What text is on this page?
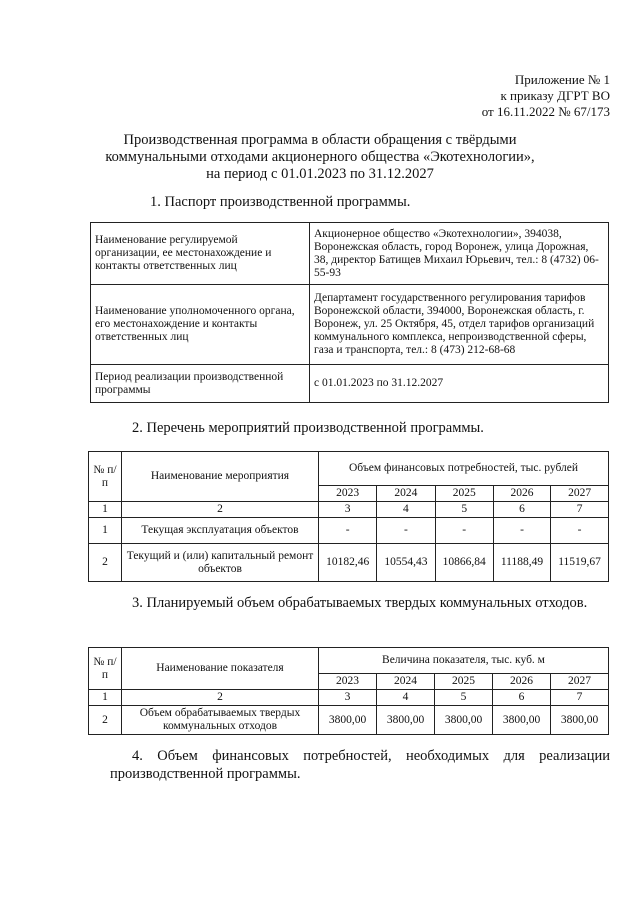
Приложение № 1
к приказу ДГРТ ВО
от 16.11.2022 № 67/173
Производственная программа в области обращения с твёрдыми
коммунальными отходами акционерного общества «Экотехнологии»,
на период с 01.01.2023 по 31.12.2027
1. Паспорт производственной программы.
Наименование регулируемой организации, ее местонахождение и контакты ответственных лиц	Акционерное общество «Экотехнологии», 394038, Воронежская область, город Воронеж, улица Дорожная, 38, директор Батищев Михаил Юрьевич, тел.: 8 (4732) 06-55-93
Наименование уполномоченного органа, его местонахождение и контакты ответственных лиц	Департамент государственного регулирования тарифов Воронежской области, 394000, Воронежская область, г. Воронеж, ул. 25 Октября, 45, отдел тарифов организаций коммунального комплекса, непроизводственной сферы, газа и транспорта, тел.: 8 (473) 212-68-68
Период реализации производственной программы	с 01.01.2023 по 31.12.2027
2. Перечень мероприятий производственной программы.
№ п/п	Наименование мероприятия	Объем финансовых потребностей, тыс. рублей				
		2023	2024	2025	2026	2027
1	2	3	4	5	6	7
1	Текущая эксплуатация объектов	-	-	-	-	-
2	Текущий и (или) капитальный ремонт объектов	10182,46	10554,43	10866,84	11188,49	11519,67
3. Планируемый объем обрабатываемых твердых коммунальных отходов.
№ п/п	Наименование показателя	Величина показателя, тыс. куб. м				
		2023	2024	2025	2026	2027
1	2	3	4	5	6	7
2	Объем обрабатываемых твердых коммунальных отходов	3800,00	3800,00	3800,00	3800,00	3800,00
4. Объем финансовых потребностей, необходимых для реализации производственной программы.
